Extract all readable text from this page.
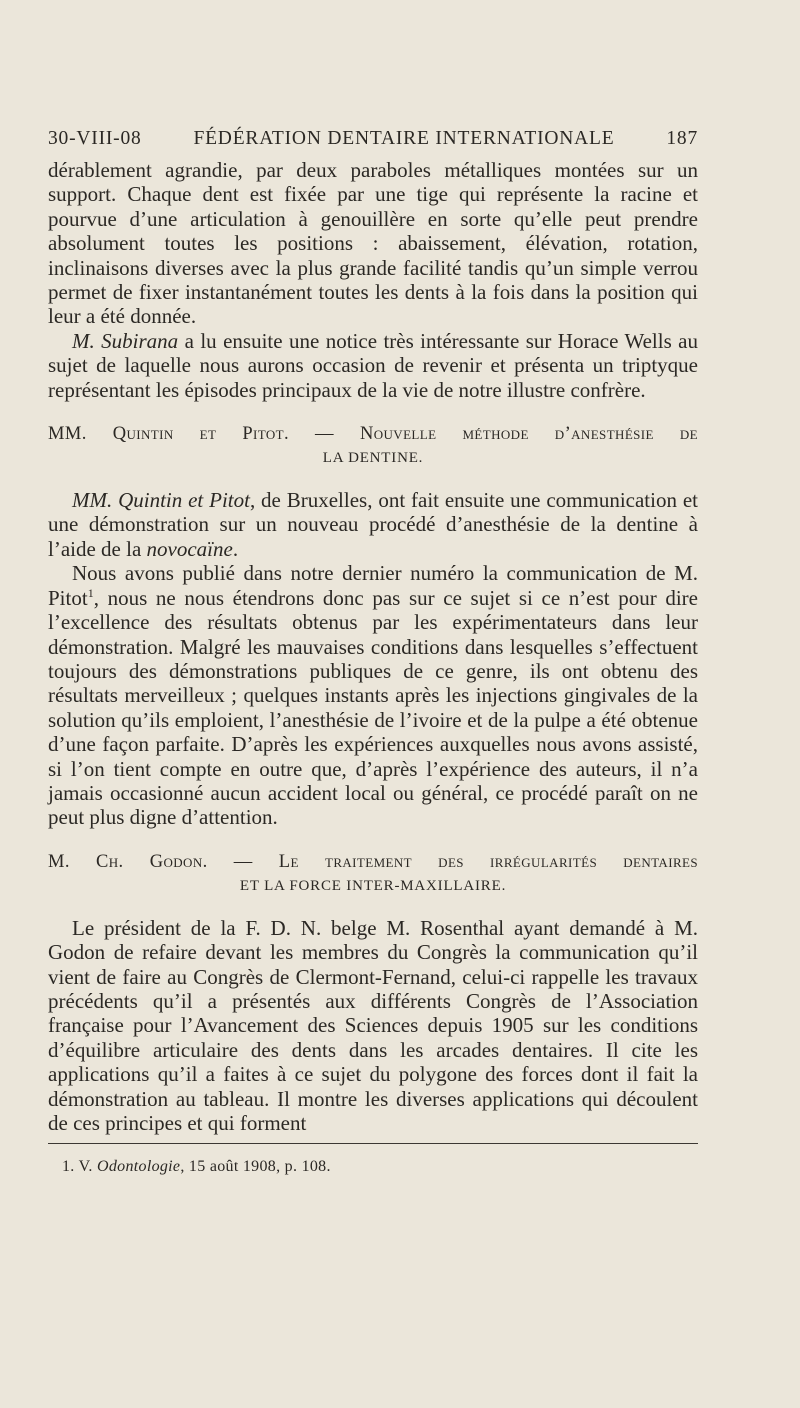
30-VIII-08	FÉDÉRATION DENTAIRE INTERNATIONALE	187

dérablement agrandie, par deux paraboles métalliques montées sur un support. Chaque dent est fixée par une tige qui représente la racine et pourvue d’une articulation à genouillère en sorte qu’elle peut prendre absolument toutes les positions : abaissement, élévation, rotation, inclinaisons diverses avec la plus grande facilité tandis qu’un simple verrou permet de fixer instantanément toutes les dents à la fois dans la position qui leur a été donnée.

M. Subirana a lu ensuite une notice très intéressante sur Horace Wells au sujet de laquelle nous aurons occasion de revenir et présenta un triptyque représentant les épisodes principaux de la vie de notre illustre confrère.

MM. Quintin et Pitot. — Nouvelle méthode d’anesthésie de
LA DENTINE.

MM. Quintin et Pitot, de Bruxelles, ont fait ensuite une communication et une démonstration sur un nouveau procédé d’anesthésie de la dentine à l’aide de la novocaïne.

Nous avons publié dans notre dernier numéro la communication de M. Pitot$^1$, nous ne nous étendrons donc pas sur ce sujet si ce n’est pour dire l’excellence des résultats obtenus par les expérimentateurs dans leur démonstration. Malgré les mauvaises conditions dans lesquelles s’effectuent toujours des démonstrations publiques de ce genre, ils ont obtenu des résultats merveilleux ; quelques instants après les injections gingivales de la solution qu’ils emploient, l’anesthésie de l’ivoire et de la pulpe a été obtenue d’une façon parfaite. D’après les expériences auxquelles nous avons assisté, si l’on tient compte en outre que, d’après l’expérience des auteurs, il n’a jamais occasionné aucun accident local ou général, ce procédé paraît on ne peut plus digne d’attention.

M. Ch. Godon. — Le traitement des irrégularités dentaires
ET LA FORCE INTER-MAXILLAIRE.

Le président de la F. D. N. belge M. Rosenthal ayant demandé à M. Godon de refaire devant les membres du Congrès la communication qu’il vient de faire au Congrès de Clermont-Fernand, celui-ci rappelle les travaux précédents qu’il a présentés aux différents Congrès de l’Association française pour l’Avancement des Sciences depuis 1905 sur les conditions d’équilibre articulaire des dents dans les arcades dentaires. Il cite les applications qu’il a faites à ce sujet du polygone des forces dont il fait la démonstration au tableau. Il montre les diverses applications qui découlent de ces principes et qui forment

1. V. Odontologie, 15 août 1908, p. 108.
